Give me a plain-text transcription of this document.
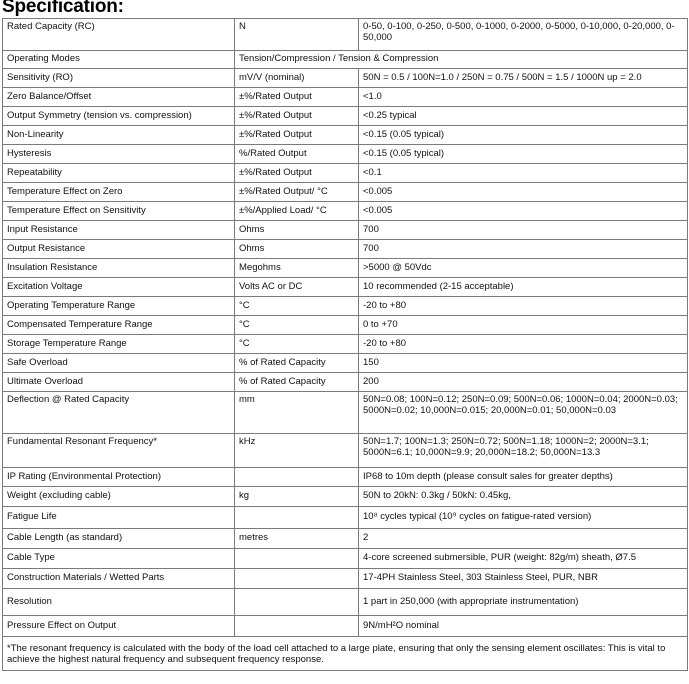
Specification:
Rated Capacity (RC)	N	0-50, 0-100, 0-250, 0-500, 0-1000, 0-2000, 0-5000, 0-10,000, 0-20,000, 0-50,000
Operating Modes	Tension/Compression / Tension & Compression	
Sensitivity (RO)	mV/V (nominal)	50N = 0.5 / 100N=1.0 / 250N = 0.75 / 500N = 1.5 / 1000N up = 2.0
Zero Balance/Offset	±%/Rated Output	<1.0
Output Symmetry (tension vs. compression)	±%/Rated Output	<0.25 typical
Non-Linearity	±%/Rated Output	<0.15 (0.05 typical)
Hysteresis	%/Rated Output	<0.15 (0.05 typical)
Repeatability	±%/Rated Output	<0.1
Temperature Effect on Zero	±%/Rated Output/ °C	<0.005
Temperature Effect on Sensitivity	±%/Applied Load/ °C	<0.005
Input Resistance	Ohms	700
Output Resistance	Ohms	700
Insulation Resistance	Megohms	>5000 @ 50Vdc
Excitation Voltage	Volts AC or DC	10 recommended (2-15 acceptable)
Operating Temperature Range	°C	-20 to +80
Compensated Temperature Range	°C	0 to +70
Storage Temperature Range	°C	-20 to +80
Safe Overload	% of Rated Capacity	150
Ultimate Overload	% of Rated Capacity	200
Deflection @ Rated Capacity	mm	50N=0.08; 100N=0.12; 250N=0.09; 500N=0.06; 1000N=0.04; 2000N=0.03; 5000N=0.02; 10,000N=0.015; 20,000N=0.01; 50,000N=0.03
Fundamental Resonant Frequency*	kHz	50N=1.7; 100N=1.3; 250N=0.72; 500N=1.18; 1000N=2; 2000N=3.1; 5000N=6.1; 10,000N=9.9; 20,000N=18.2; 50,000N=13.3
IP Rating (Environmental Protection)		IP68 to 10m depth (please consult sales for greater depths)
Weight (excluding cable)	kg	50N to 20kN: 0.3kg / 50kN: 0.45kg,
Fatigue Life		10⁸ cycles typical (10⁹ cycles on fatigue-rated version)
Cable Length (as standard)	metres	2
Cable Type		4-core screened submersible, PUR (weight: 82g/m) sheath, Ø7.5
Construction Materials / Wetted Parts		17-4PH Stainless Steel, 303 Stainless Steel, PUR, NBR
Resolution		1 part in 250,000 (with appropriate instrumentation)
Pressure Effect on Output		9N/mH²O nominal
*The resonant frequency is calculated with the body of the load cell attached to a large plate, ensuring that only the sensing element oscillates: This is vital to achieve the highest natural frequency and subsequent frequency response.		
